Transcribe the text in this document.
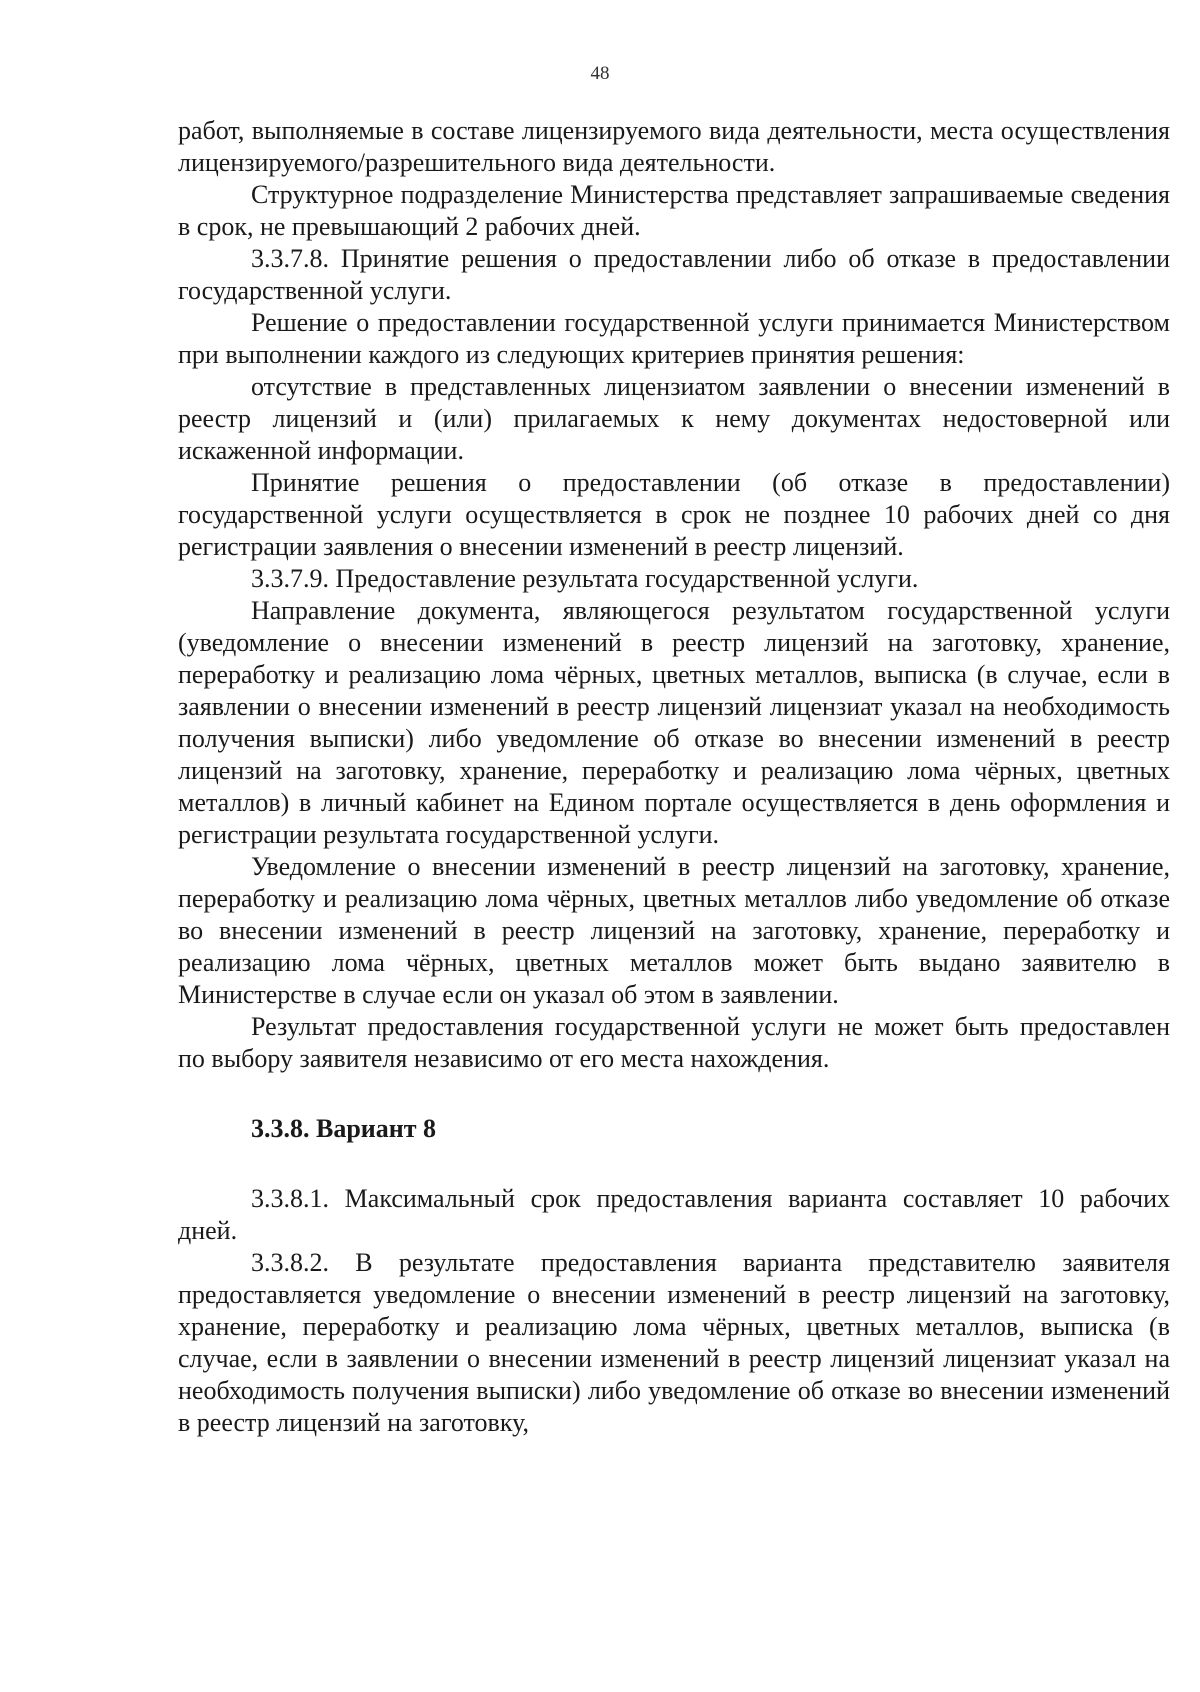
48

работ, выполняемые в составе лицензируемого вида деятельности, места осуществления лицензируемого/разрешительного вида деятельности.

Структурное подразделение Министерства представляет запрашиваемые сведения в срок, не превышающий 2 рабочих дней.

3.3.7.8. Принятие решения о предоставлении либо об отказе в предоставлении государственной услуги.

Решение о предоставлении государственной услуги принимается Министерством при выполнении каждого из следующих критериев принятия решения:

отсутствие в представленных лицензиатом заявлении о внесении изменений в реестр лицензий и (или) прилагаемых к нему документах недостоверной или искаженной информации.

Принятие решения о предоставлении (об отказе в предоставлении) государственной услуги осуществляется в срок не позднее 10 рабочих дней со дня регистрации заявления о внесении изменений в реестр лицензий.

3.3.7.9. Предоставление результата государственной услуги.

Направление документа, являющегося результатом государственной услуги (уведомление о внесении изменений в реестр лицензий на заготовку, хранение, переработку и реализацию лома чёрных, цветных металлов, выписка (в случае, если в заявлении о внесении изменений в реестр лицензий лицензиат указал на необходимость получения выписки) либо уведомление об отказе во внесении изменений в реестр лицензий на заготовку, хранение, переработку и реализацию лома чёрных, цветных металлов) в личный кабинет на Едином портале осуществляется в день оформления и регистрации результата государственной услуги.

Уведомление о внесении изменений в реестр лицензий на заготовку, хранение, переработку и реализацию лома чёрных, цветных металлов либо уведомление об отказе во внесении изменений в реестр лицензий на заготовку, хранение, переработку и реализацию лома чёрных, цветных металлов может быть выдано заявителю в Министерстве в случае если он указал об этом в заявлении.

Результат предоставления государственной услуги не может быть предоставлен по выбору заявителя независимо от его места нахождения.

3.3.8. Вариант 8

3.3.8.1. Максимальный срок предоставления варианта составляет 10 рабочих дней.

3.3.8.2. В результате предоставления варианта представителю заявителя предоставляется уведомление о внесении изменений в реестр лицензий на заготовку, хранение, переработку и реализацию лома чёрных, цветных металлов, выписка (в случае, если в заявлении о внесении изменений в реестр лицензий лицензиат указал на необходимость получения выписки) либо уведомление об отказе во внесении изменений в реестр лицензий на заготовку,
